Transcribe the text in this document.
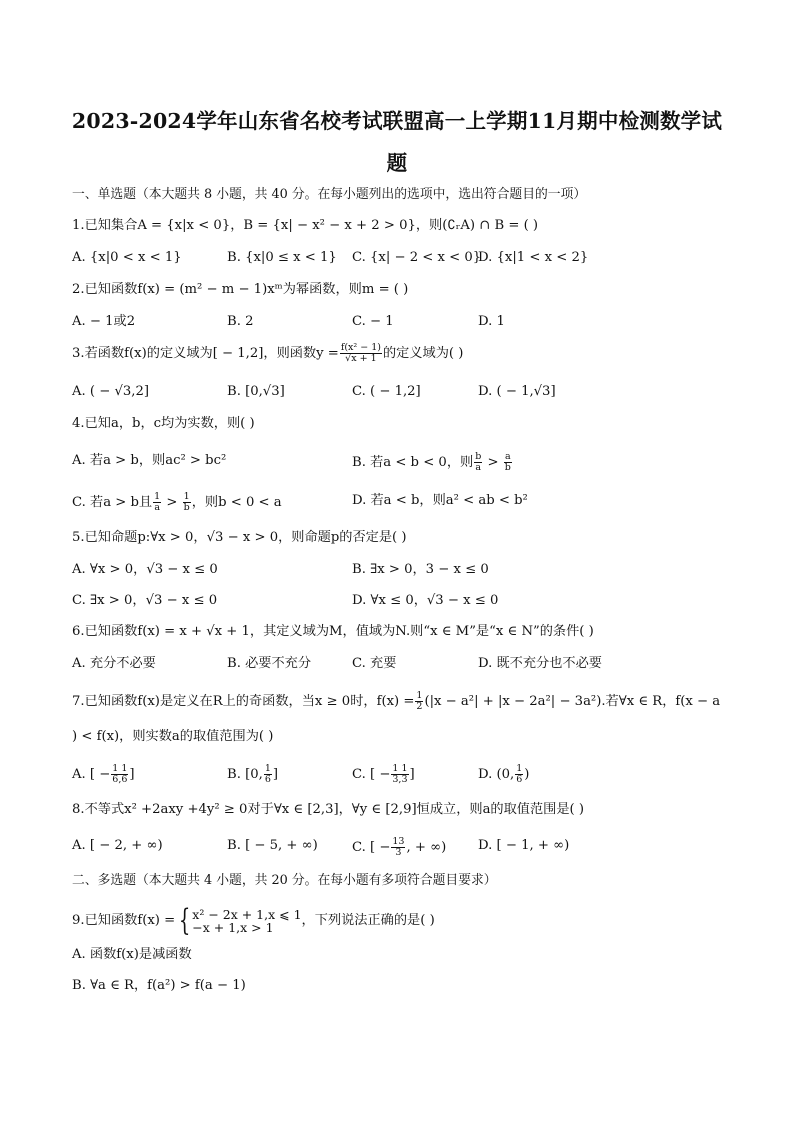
2023-2024学年山东省名校考试联盟高一上学期11月期中检测数学试
题
一、单选题（本大题共 8 小题，共 40 分。在每小题列出的选项中，选出符合题目的一项）
1.已知集合A = {x|x < 0}，B = {x| − x² − x + 2 > 0}，则(∁ᵣA) ∩ B = ( )
A. {x|0 < x < 1}	B. {x|0 ≤ x < 1} C. {x| − 2 < x < 0}
D. {x|1 < x < 2}
2.已知函数f(x) = (m² − m − 1)xᵐ为幂函数，则m = ( )
A. − 1或2	B. 2	C. − 1	D. 1
3.若函数f(x)的定义域为[ − 1,2]，则函数$y = \frac{\text{f(x² − 1)}}{√x + 1}$ 的定义域为( )
A. ( − √3,2]	B. [0,√3]	C. ( − 1,2]	D. ( − 1,√3]
4.已知a，b，c均为实数，则( )
A. 若a > b，则ac² > bc²	B. 若a < b < 0，则 $\frac{b}{a} > \frac{a}{b}$
C. 若a > b且 $\frac{1}{a} > \frac{1}{b}$ ，则b < 0 < a	D. 若a < b，则a² < ab < b²
5.已知命题p:∀x > 0，√3 − x > 0，则命题p的否定是( )
A. ∀x > 0，√3 − x ≤ 0	B. ∃x > 0，3 − x ≤ 0
C. ∃x > 0，√3 − x ≤ 0	D. ∀x ≤ 0，√3 − x ≤ 0
6.已知函数f(x) = x + √x + 1，其定义域为M，值域为N.则“x ∈ M”是“x ∈ N”的条件( )
A. 充分不必要	B. 必要不充分	C. 充要	D. 既不充分也不必要
7.已知函数f(x)是定义在R上的奇函数，当x ≥ 0时，$f(x) = \frac{1}{2} (|x - a^2| + |x - 2a^2| - 3a^2)$.若∀x ∈ R，f(x − a
) < f(x)，则实数a的取值范围为( )
A. [ − $\frac{1 1}{6,6}$ ]	B. [0, $\frac{1}{6}$ ]	C. [ − $\frac{1 1}{3,3}$ ]	D. (0, $\frac{1}{6}$ )
8.不等式x² +2axy +4y² ≥ 0对于∀x ∈ [2,3]，∀y ∈ [2,9]恒成立，则a的取值范围是( )
A. [ − 2, + ∞)	B. [ − 5, + ∞)	C. [ − $\frac{13}{3}$ , + ∞) D. [ − 1, + ∞)
二、多选题（本大题共 4 小题，共 20 分。在每小题有多项符合题目要求）
9.已知函数f(x) = { x² − 2x + 1,x ⩽ 1
−x + 1,x > 1	，下列说法正确的是( )
A. 函数f(x)是减函数
B. ∀a ∈ R，f(a²) > f(a − 1)
